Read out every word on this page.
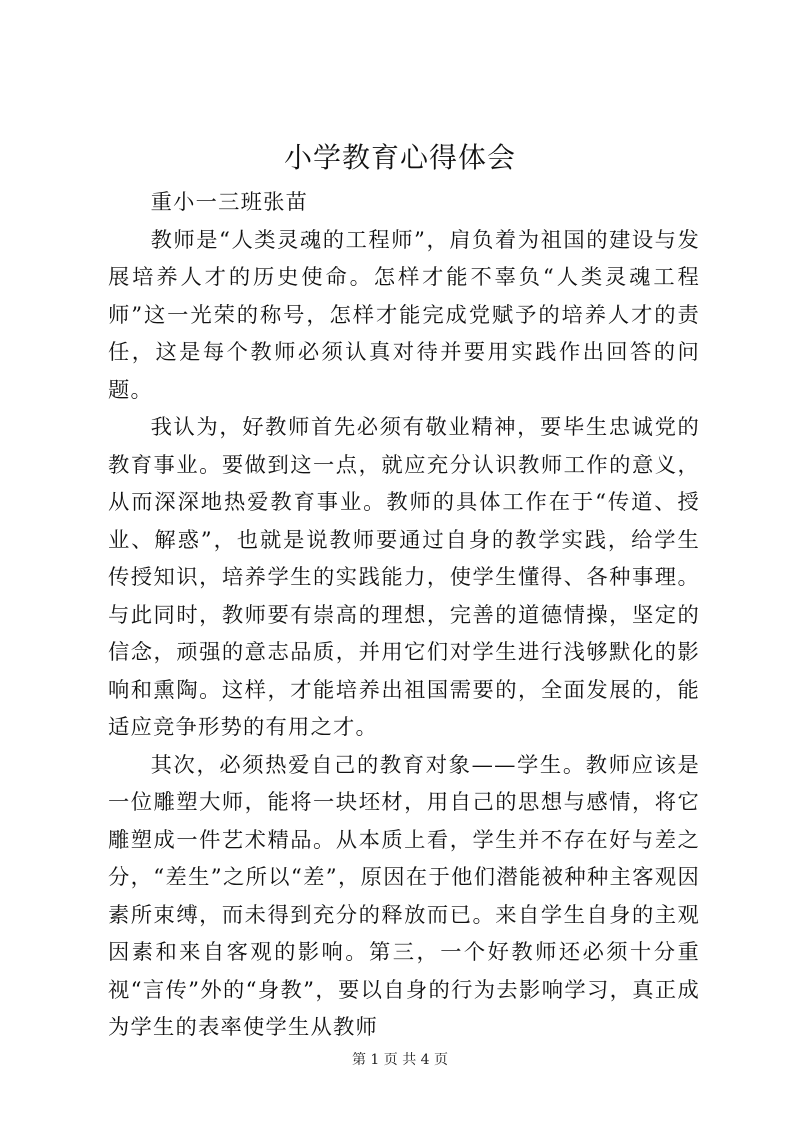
小学教育心得体会

重小一三班张苗

教师是“人类灵魂的工程师”，肩负着为祖国的建设与发展培养人才的历史使命。怎样才能不辜负“人类灵魂工程师”这一光荣的称号，怎样才能完成党赋予的培养人才的责任，这是每个教师必须认真对待并要用实践作出回答的问题。

我认为，好教师首先必须有敬业精神，要毕生忠诚党的教育事业。要做到这一点，就应充分认识教师工作的意义，从而深深地热爱教育事业。教师的具体工作在于“传道、授业、解惑”，也就是说教师要通过自身的教学实践，给学生传授知识，培养学生的实践能力，使学生懂得、各种事理。与此同时，教师要有崇高的理想，完善的道德情操，坚定的信念，顽强的意志品质，并用它们对学生进行浅够默化的影响和熏陶。这样，才能培养出祖国需要的，全面发展的，能适应竞争形势的有用之才。

其次，必须热爱自己的教育对象——学生。教师应该是一位雕塑大师，能将一块坯材，用自己的思想与感情，将它雕塑成一件艺术精品。从本质上看，学生并不存在好与差之分，“差生”之所以“差”，原因在于他们潜能被种种主客观因素所束缚，而未得到充分的释放而已。来自学生自身的主观因素和来自客观的影响。第三，一个好教师还必须十分重视“言传”外的“身教”，要以自身的行为去影响学习，真正成为学生的表率使学生从教师

第 1 页 共 4 页
